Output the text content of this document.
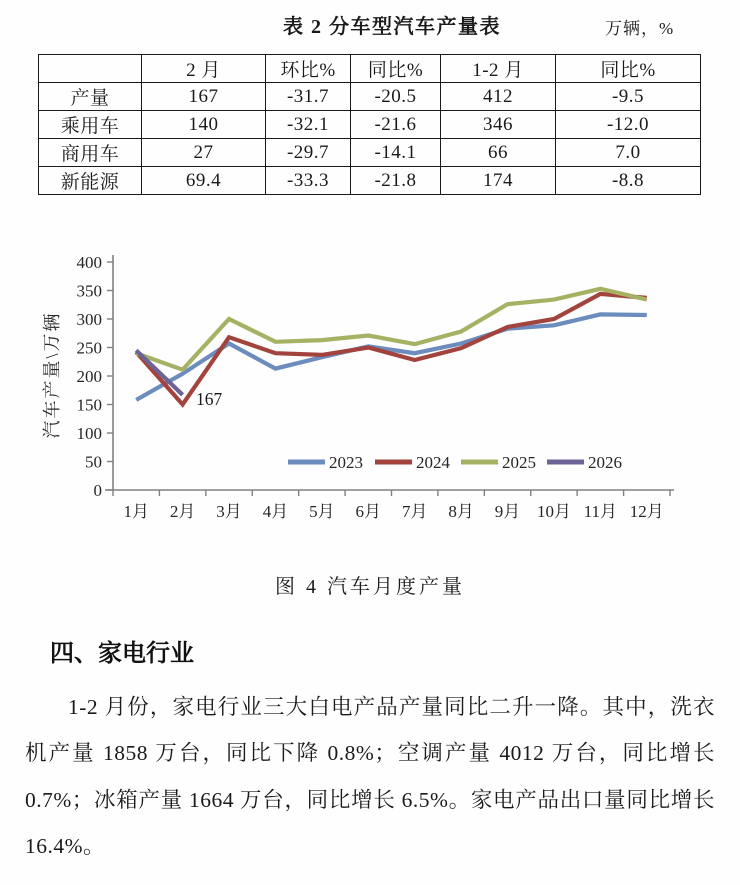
表 2 分车型汽车产量表	万辆，%
	2 月	环比%	同比%	1-2 月	同比%
产量	167	-31.7	-20.5	412	-9.5
乘用车	140	-32.1	-21.6	346	-12.0
商用车	27	-29.7	-14.1	66	7.0
新能源	69.4	-33.3	-21.8	174	-8.8
0
50
100
150
200
250
300
350
400
1月 2月 3月 4月 5月 6月 7月 8月 9月 10月 11月 12月
汽车产量\万辆	167
2023	2024	2025	2026
图 4 汽车月度产量
四、家电行业

1-2 月份，家电行业三大白电产品产量同比二升一降。其中，洗衣机产量 1858 万台，同比下降 0.8%；空调产量 4012 万台，同比增长 0.7%；冰箱产量 1664 万台，同比增长 6.5%。家电产品出口量同比增长 16.4%。
